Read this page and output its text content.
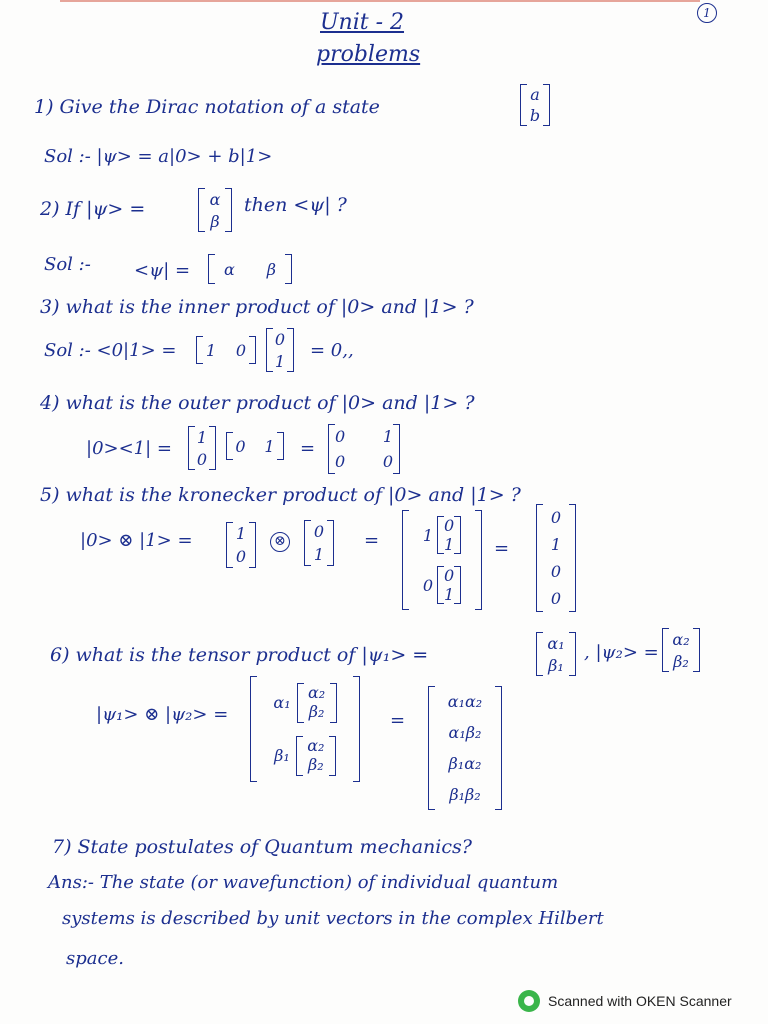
Unit - 2
problems
1
1) Give the Dirac notation of a state
a
b
Sol :- |ψ> = a|0> + b|1>
2) If |ψ> =	α
β
then <ψ| ?
Sol :- <ψ| = α β
3) what is the inner product of |0> and |1> ?
Sol :- <0|1> = 1 0
0
1 = 0,,
4) what is the outer product of |0> and |1> ?
|0><1| =
1
0
0 1 =
0 1
0 0
5) what is the kronecker product of |0> and |1> ?
|0> ⊗ |1> =	1
0
⊗ 0
1
=	1 0
1
0 0
1
=
0
1
0
0
6) what is the tensor product of |ψ₁> =
α₁
β₁
, |ψ₂> =
α₂
β₂
|ψ₁> ⊗ |ψ₂> =
α₁
α₂
β₂
β₁
α₂
β₂
=
α₁α₂
α₁β₂
β₁α₂
β₁β₂
7) State postulates of Quantum mechanics?
Ans:- The state (or wavefunction) of individual quantum
systems is described by unit vectors in the complex Hilbert
space.
Scanned with OKEN Scanner
